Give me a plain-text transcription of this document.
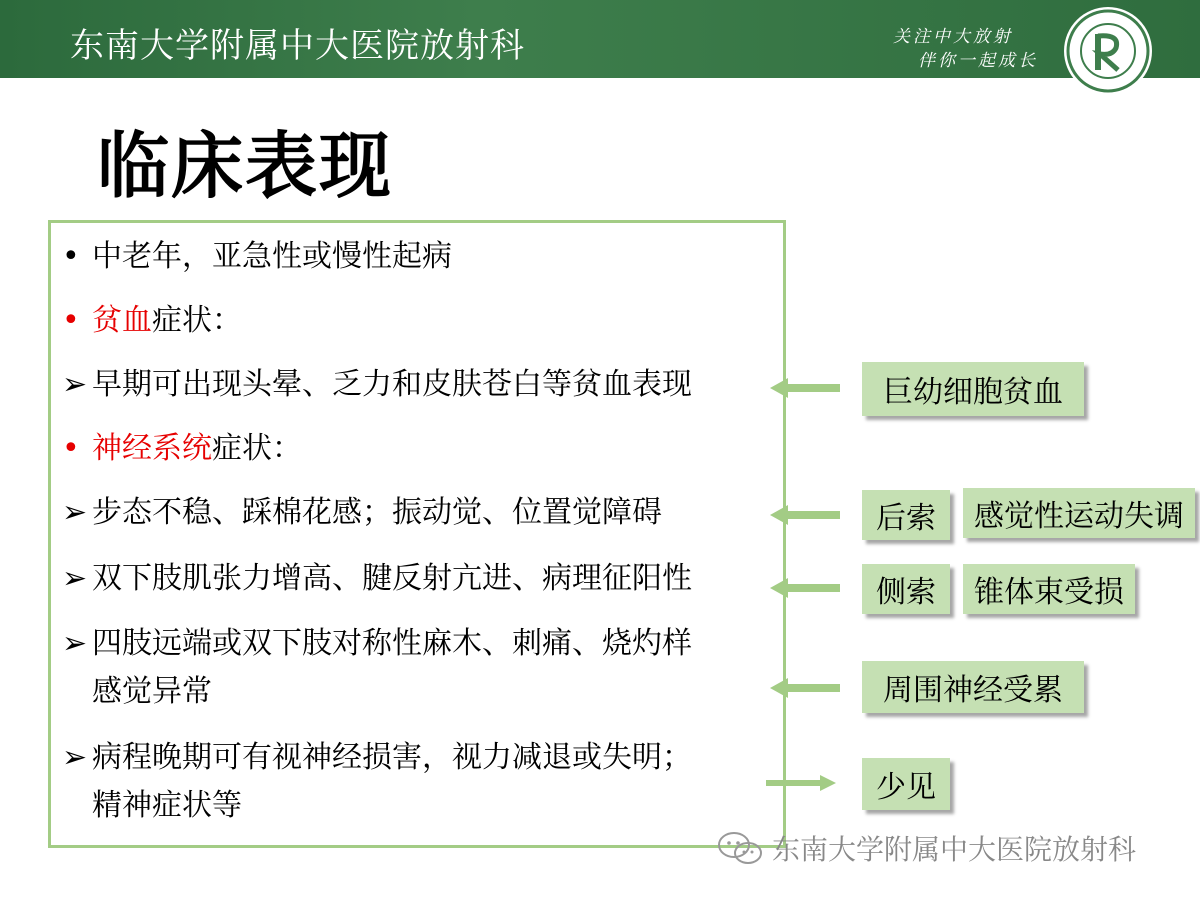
东南大学附属中大医院放射科	关注中大放射
伴你一起成长
临床表现
• 中老年，亚急性或慢性起病
• 贫血症状：
➢ 早期可出现头晕、乏力和皮肤苍白等贫血表现
• 神经系统症状：
➢ 步态不稳、踩棉花感；振动觉、位置觉障碍
➢ 双下肢肌张力增高、腱反射亢进、病理征阳性
➢ 四肢远端或双下肢对称性麻木、刺痛、烧灼样
感觉异常
➢ 病程晚期可有视神经损害，视力减退或失明；
精神症状等
巨幼细胞贫血
后索	感觉性运动失调
侧索	锥体束受损
周围神经受累
少见
东南大学附属中大医院放射科
